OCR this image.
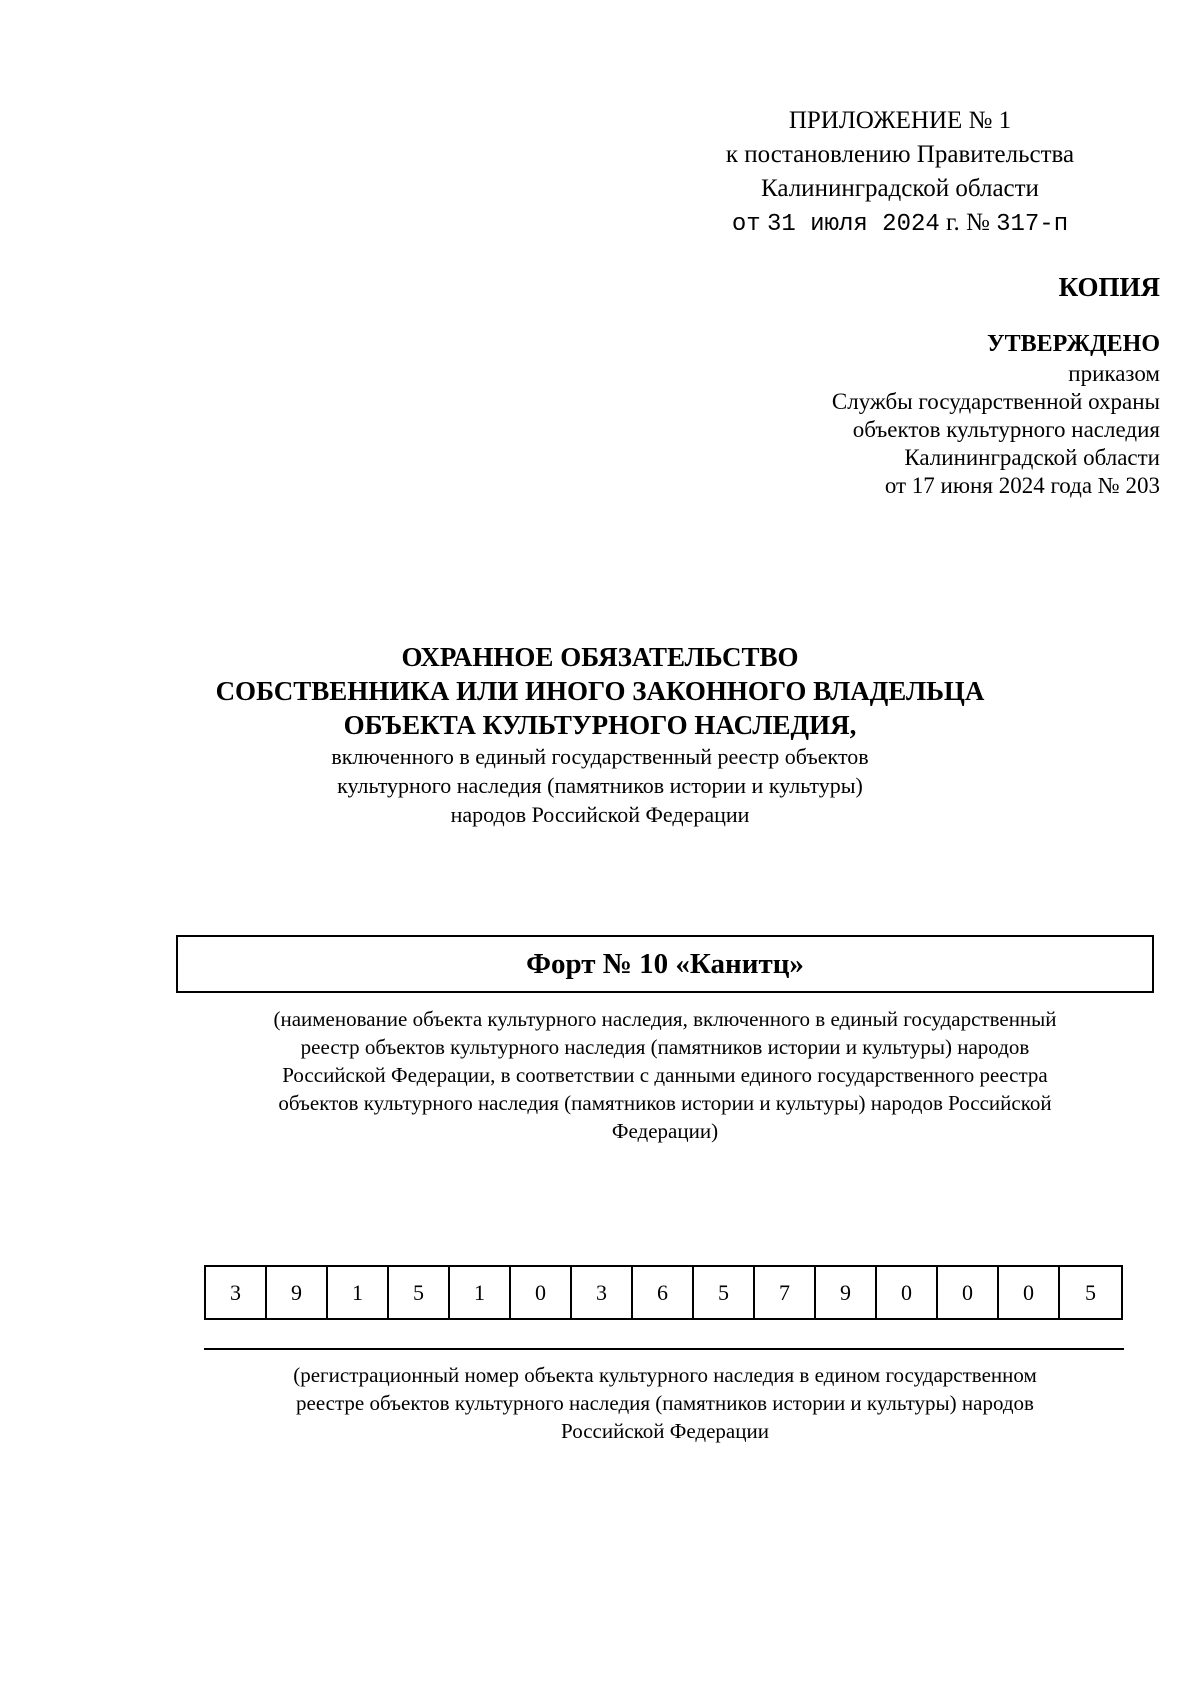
ПРИЛОЖЕНИЕ № 1
к постановлению Правительства
Калининградской области
от 31 июля 2024 г. № 317-п
КОПИЯ
УТВЕРЖДЕНО
приказом
Службы государственной охраны
объектов культурного наследия
Калининградской области
от 17 июня 2024 года № 203
ОХРАННОЕ ОБЯЗАТЕЛЬСТВО
СОБСТВЕННИКА ИЛИ ИНОГО ЗАКОННОГО ВЛАДЕЛЬЦА
ОБЪЕКТА КУЛЬТУРНОГО НАСЛЕДИЯ,
включенного в единый государственный реестр объектов
культурного наследия (памятников истории и культуры)
народов Российской Федерации
Форт № 10 «Канитц»
(наименование объекта культурного наследия, включенного в единый государственный
реестр объектов культурного наследия (памятников истории и культуры) народов
Российской Федерации, в соответствии с данными единого государственного реестра
объектов культурного наследия (памятников истории и культуры) народов Российской
Федерации)
3	9	1	5	1	0	3	6	5	7	9	0	0	0	5
(регистрационный номер объекта культурного наследия в едином государственном
реестре объектов культурного наследия (памятников истории и культуры) народов
Российской Федерации
